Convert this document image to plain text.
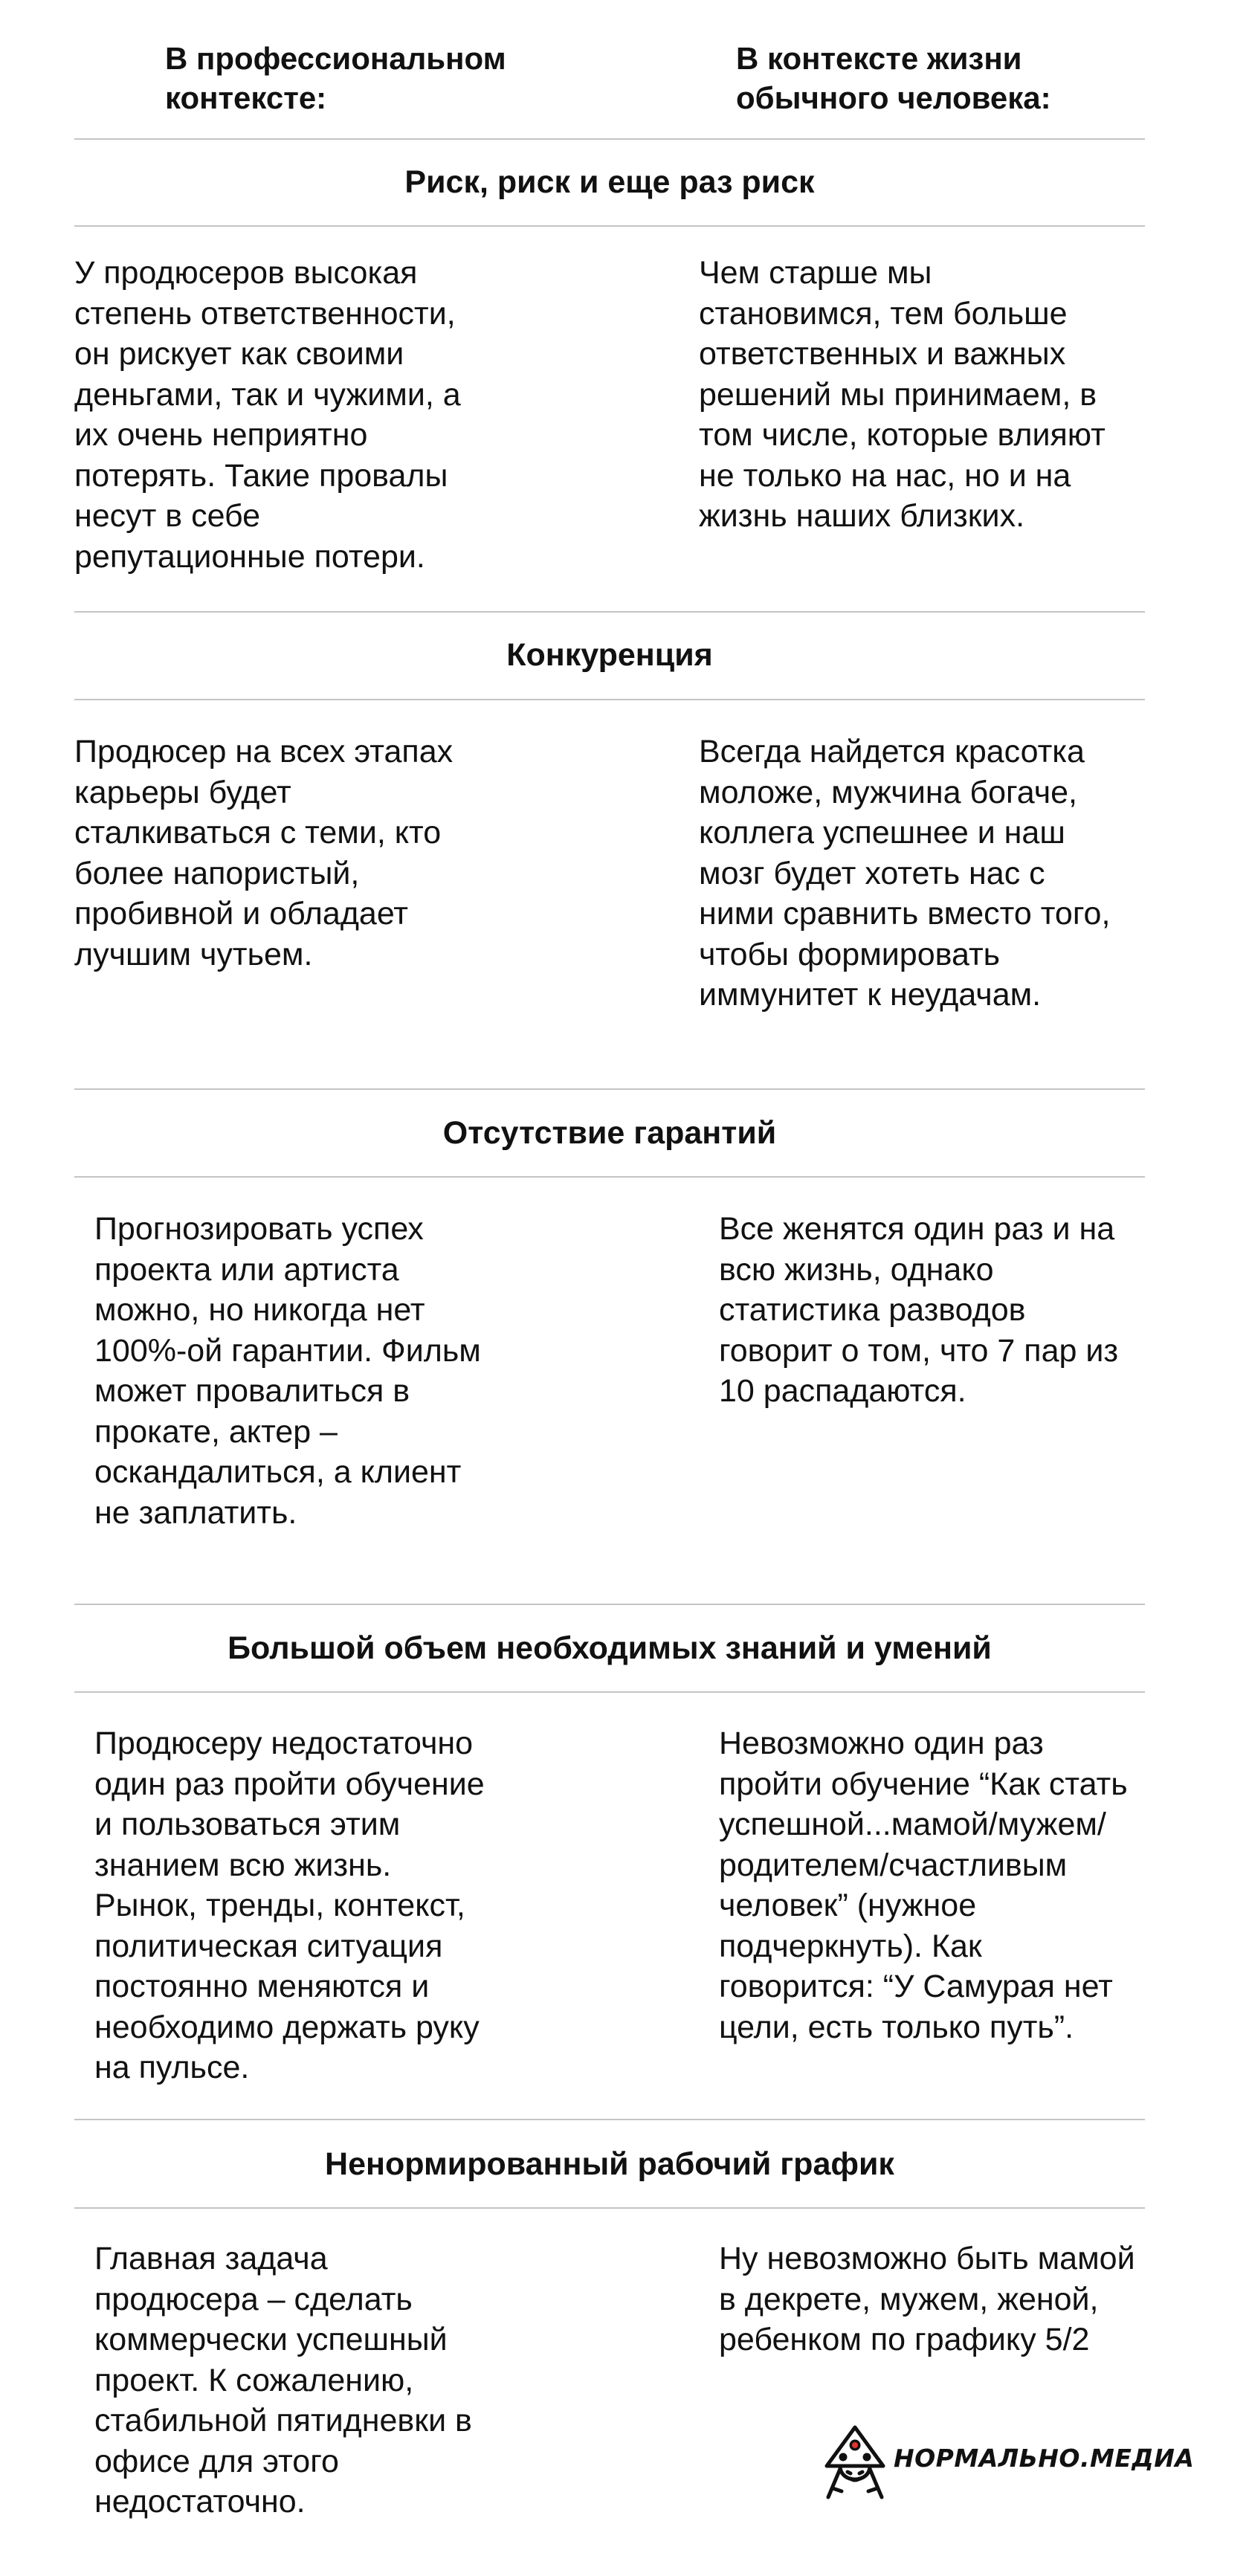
В профессиональном контексте:
В контексте жизни обычного человека:
Риск, риск и еще раз риск

У продюсеров высокая
степень ответственности,
он рискует как своими
деньгами, так и чужими, а
их очень неприятно
потерять. Такие провалы
несут в себе
репутационные потери.

Чем старше мы
становимся, тем больше
ответственных и важных
решений мы принимаем, в
том числе, которые влияют
не только на нас, но и на
жизнь наших близких.

Конкуренция

Продюсер на всех этапах
карьеры будет
сталкиваться с теми, кто
более напористый,
пробивной и обладает
лучшим чутьем.

Всегда найдется красотка
моложе, мужчина богаче,
коллега успешнее и наш
мозг будет хотеть нас с
ними сравнить вместо того,
чтобы формировать
иммунитет к неудачам.

Отсутствие гарантий

Прогнозировать успех
проекта или артиста
можно, но никогда нет
100%-ой гарантии. Фильм
может провалиться в
прокате, актер –
оскандалиться, а клиент
не заплатить.

Все женятся один раз и на
всю жизнь, однако
статистика разводов
говорит о том, что 7 пар из
10 распадаются.

Большой объем необходимых знаний и умений

Продюсеру недостаточно
один раз пройти обучение
и пользоваться этим
знанием всю жизнь.
Рынок, тренды, контекст,
политическая ситуация
постоянно меняются и
необходимо держать руку
на пульсе.

Невозможно один раз
пройти обучение “Как стать
успешной...мамой/мужем/
родителем/счастливым
человек” (нужное
подчеркнуть). Как
говорится: “У Самурая нет
цели, есть только путь”.

Ненормированный рабочий график

Главная задача
продюсера – сделать
коммерчески успешный
проект. К сожалению,
стабильной пятидневки в
офисе для этого
недостаточно.

Ну невозможно быть мамой
в декрете, мужем, женой,
ребенком по графику 5/2

НОРМАЛЬНО.МЕДИА
